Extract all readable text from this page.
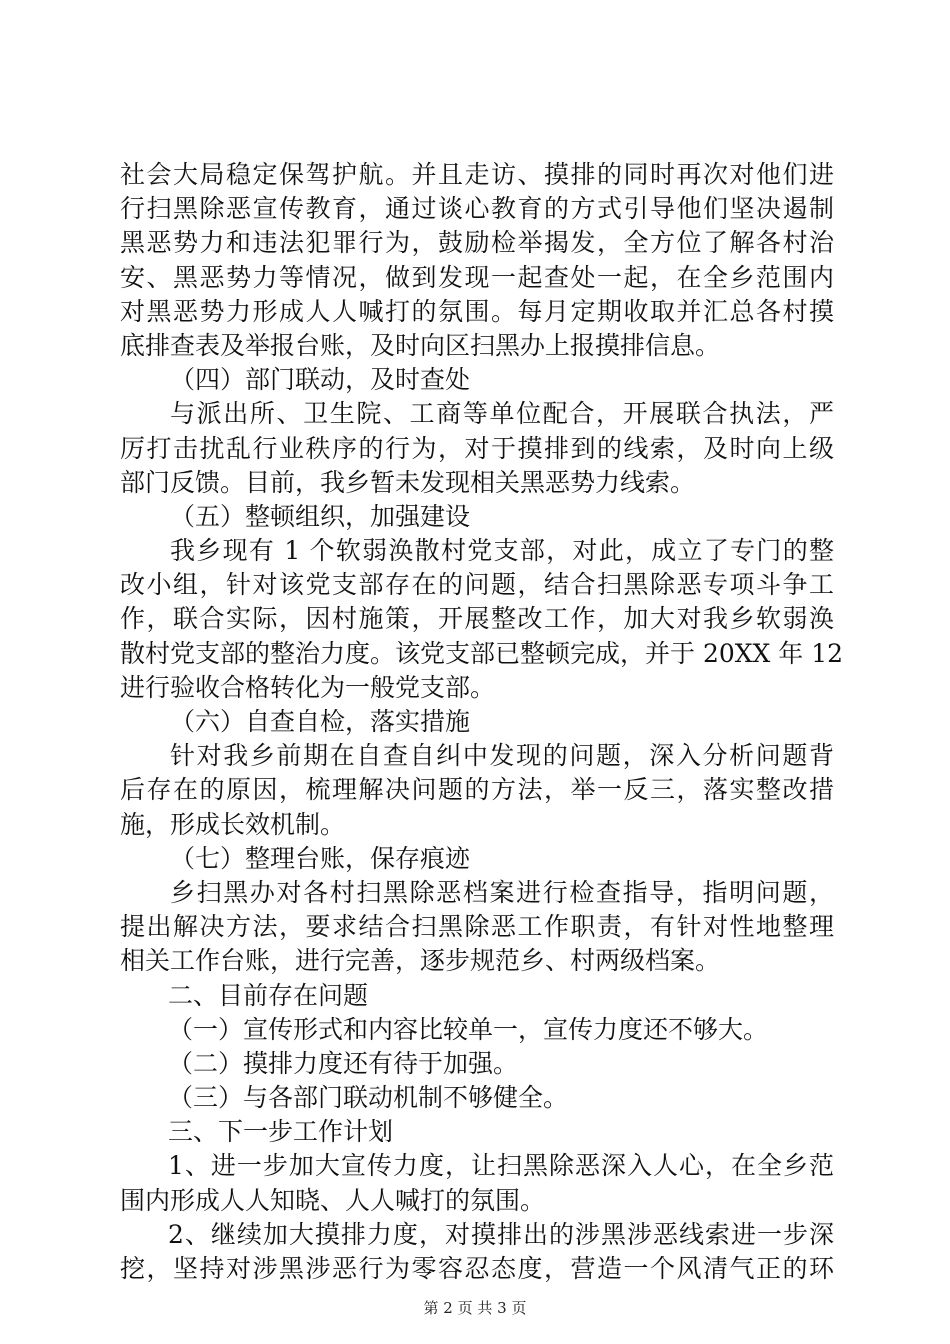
社会大局稳定保驾护航。并且走访、摸排的同时再次对他们进
行扫黑除恶宣传教育，通过谈心教育的方式引导他们坚决遏制
黑恶势力和违法犯罪行为，鼓励检举揭发，全方位了解各村治
安、黑恶势力等情况，做到发现一起查处一起，在全乡范围内
对黑恶势力形成人人喊打的氛围。每月定期收取并汇总各村摸
底排查表及举报台账，及时向区扫黑办上报摸排信息。
（四）部门联动，及时查处
与派出所、卫生院、工商等单位配合，开展联合执法，严
厉打击扰乱行业秩序的行为，对于摸排到的线索，及时向上级
部门反馈。目前，我乡暂未发现相关黑恶势力线索。
（五）整顿组织，加强建设
我乡现有 1 个软弱涣散村党支部，对此，成立了专门的整
改小组，针对该党支部存在的问题，结合扫黑除恶专项斗争工
作，联合实际，因村施策，开展整改工作，加大对我乡软弱涣
散村党支部的整治力度。该党支部已整顿完成，并于 20XX 年 12
进行验收合格转化为一般党支部。
（六）自查自检，落实措施
针对我乡前期在自查自纠中发现的问题，深入分析问题背
后存在的原因，梳理解决问题的方法，举一反三，落实整改措
施，形成长效机制。
（七）整理台账，保存痕迹
乡扫黑办对各村扫黑除恶档案进行检查指导，指明问题，
提出解决方法，要求结合扫黑除恶工作职责，有针对性地整理
相关工作台账，进行完善，逐步规范乡、村两级档案。
二、目前存在问题
（一）宣传形式和内容比较单一，宣传力度还不够大。
（二）摸排力度还有待于加强。
（三）与各部门联动机制不够健全。
三、下一步工作计划
1、进一步加大宣传力度，让扫黑除恶深入人心，在全乡范
围内形成人人知晓、人人喊打的氛围。
2、继续加大摸排力度，对摸排出的涉黑涉恶线索进一步深
挖，坚持对涉黑涉恶行为零容忍态度，营造一个风清气正的环
第 2 页 共 3 页
